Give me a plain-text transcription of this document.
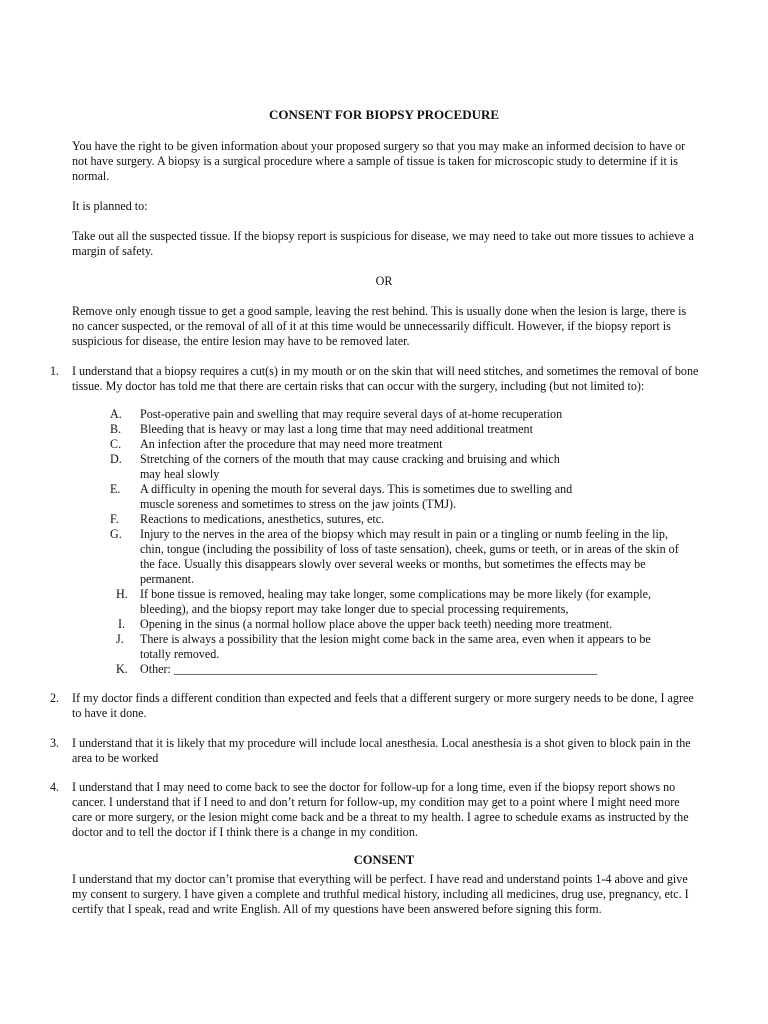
CONSENT FOR BIOPSY PROCEDURE

You have the right to be given information about your proposed surgery so that you may make an informed decision to have or not have surgery. A biopsy is a surgical procedure where a sample of tissue is taken for microscopic study to determine if it is normal.

It is planned to:

Take out all the suspected tissue. If the biopsy report is suspicious for disease, we may need to take out more tissues to achieve a margin of safety.

OR

Remove only enough tissue to get a good sample, leaving the rest behind. This is usually done when the lesion is large, there is no cancer suspected, or the removal of all of it at this time would be unnecessarily difficult. However, if the biopsy report is suspicious for disease, the entire lesion may have to be removed later.

1. I understand that a biopsy requires a cut(s) in my mouth or on the skin that will need stitches, and sometimes the removal of bone tissue. My doctor has told me that there are certain risks that can occur with the surgery, including (but not limited to):

A.	Post-operative pain and swelling that may require several days of at-home recuperation

B.	Bleeding that is heavy or may last a long time that may need additional treatment

C.	An infection after the procedure that may need more treatment

D.	Stretching of the corners of the mouth that may cause cracking and bruising and which may heal slowly

E.	A difficulty in opening the mouth for several days. This is sometimes due to swelling and muscle soreness and sometimes to stress on the jaw joints (TMJ).

F.	Reactions to medications, anesthetics, sutures, etc.

G.	Injury to the nerves in the area of the biopsy which may result in pain or a tingling or numb feeling in the lip, chin, tongue (including the possibility of loss of taste sensation), cheek, gums or teeth, or in areas of the skin of the face. Usually this disappears slowly over several weeks or months, but sometimes the effects may be permanent.

H.	If bone tissue is removed, healing may take longer, some complications may be more likely (for example, bleeding), and the biopsy report may take longer due to special processing requirements,

I.	Opening in the sinus (a normal hollow place above the upper back teeth) needing more treatment.

J.	There is always a possibility that the lesion might come back in the same area, even when it appears to be totally removed.

K.	Other: ______________________________________________________________________

2. If my doctor finds a different condition than expected and feels that a different surgery or more surgery needs to be done, I agree to have it done.

3. I understand that it is likely that my procedure will include local anesthesia. Local anesthesia is a shot given to block pain in the area to be worked

4. I understand that I may need to come back to see the doctor for follow-up for a long time, even if the biopsy report shows no cancer. I understand that if I need to and don’t return for follow-up, my condition may get to a point where I might need more care or more surgery, or the lesion might come back and be a threat to my health. I agree to schedule exams as instructed by the doctor and to tell the doctor if I think there is a change in my condition.

CONSENT

I understand that my doctor can’t promise that everything will be perfect. I have read and understand points 1-4 above and give my consent to surgery. I have given a complete and truthful medical history, including all medicines, drug use, pregnancy, etc. I certify that I speak, read and write English. All of my questions have been answered before signing this form.
